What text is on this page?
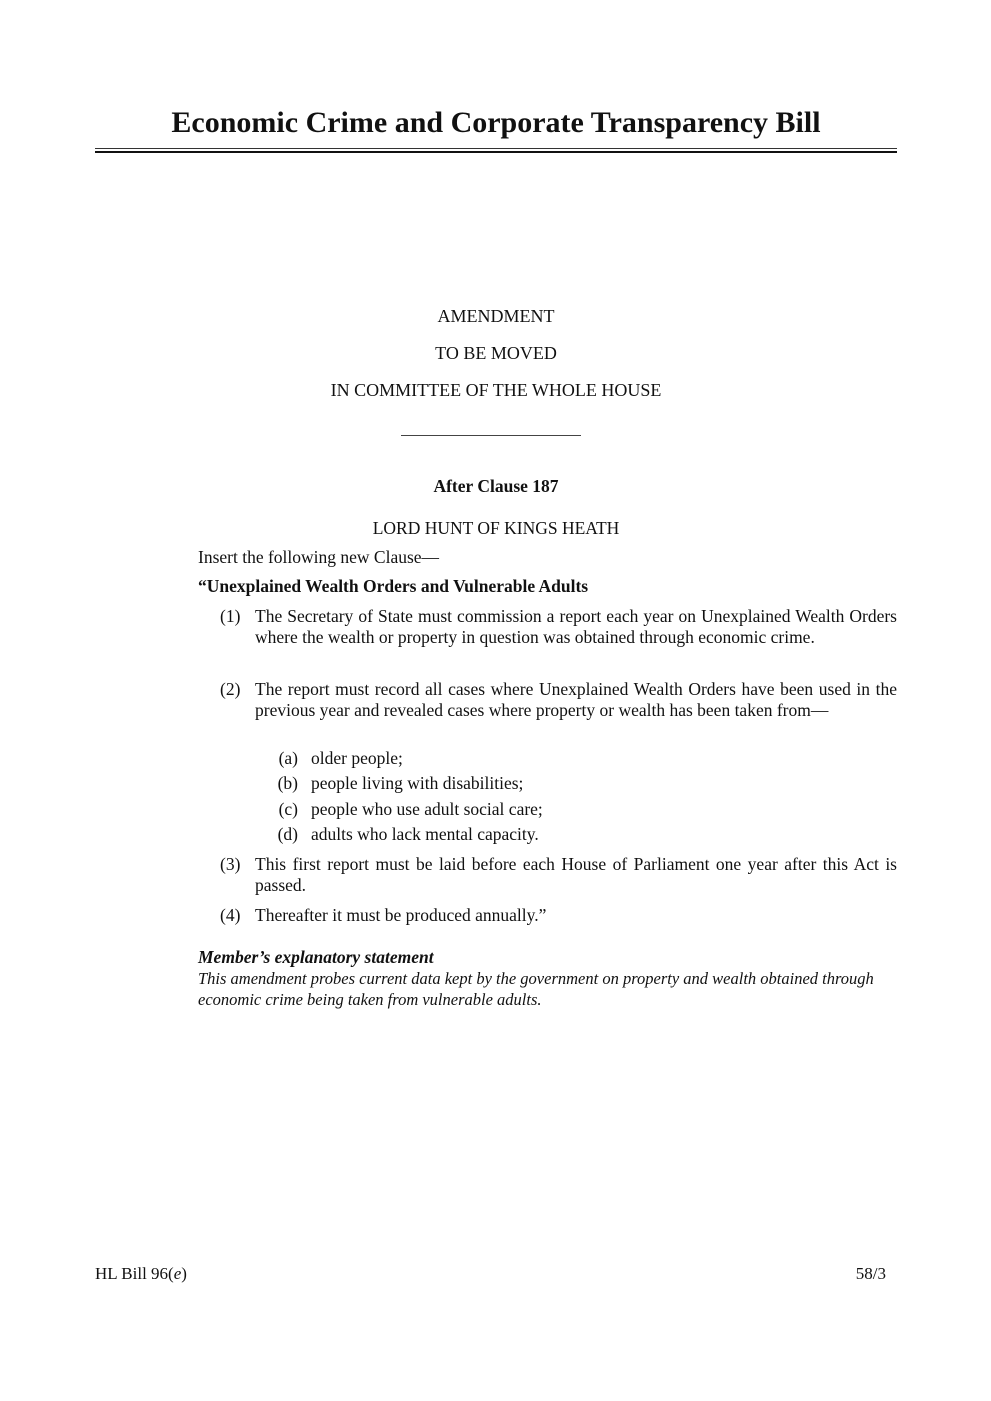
Economic Crime and Corporate Transparency Bill
AMENDMENT
TO BE MOVED
IN COMMITTEE OF THE WHOLE HOUSE
After Clause 187
LORD HUNT OF KINGS HEATH
Insert the following new Clause—
“Unexplained Wealth Orders and Vulnerable Adults
(1) The Secretary of State must commission a report each year on Unexplained Wealth Orders where the wealth or property in question was obtained through economic crime.
(2) The report must record all cases where Unexplained Wealth Orders have been used in the previous year and revealed cases where property or wealth has been taken from—
(a) older people;
(b) people living with disabilities;
(c) people who use adult social care;
(d) adults who lack mental capacity.
(3) This first report must be laid before each House of Parliament one year after this Act is passed.
(4) Thereafter it must be produced annually.”
Member’s explanatory statement
This amendment probes current data kept by the government on property and wealth obtained through economic crime being taken from vulnerable adults.
HL Bill 96(e)	58/3
